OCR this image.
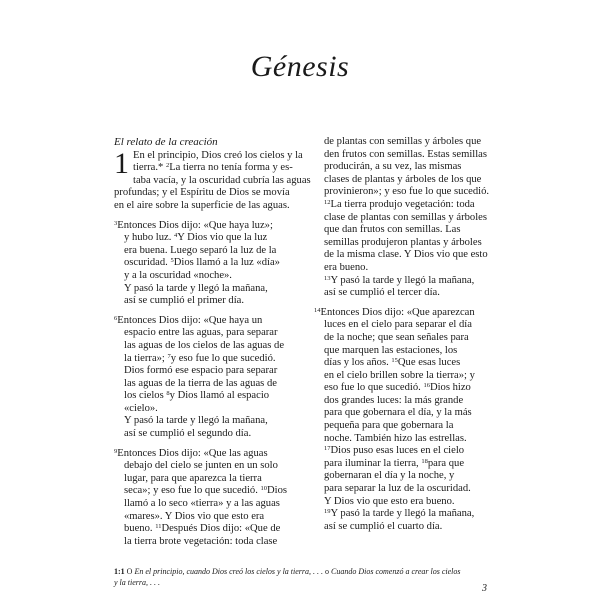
Génesis
El relato de la creación
1 En el principio, Dios creó los cielos y la
tierra.* $^2$La tierra no tenía forma y es-
taba vacía, y la oscuridad cubría las aguas
profundas; y el Espíritu de Dios se movía
en el aire sobre la superficie de las aguas.
$^3$Entonces Dios dijo: «Que haya luz»;
y hubo luz. $^4$Y Dios vio que la luz
era buena. Luego separó la luz de la
oscuridad. $^5$Dios llamó a la luz «día»
y a la oscuridad «noche».
Y pasó la tarde y llegó la mañana,
así se cumplió el primer día.
$^6$Entonces Dios dijo: «Que haya un
espacio entre las aguas, para separar
las aguas de los cielos de las aguas de
la tierra»; $^7$y eso fue lo que sucedió.
Dios formó ese espacio para separar
las aguas de la tierra de las aguas de
los cielos $^8$y Dios llamó al espacio
«cielo».
Y pasó la tarde y llegó la mañana,
así se cumplió el segundo día.
$^9$Entonces Dios dijo: «Que las aguas
debajo del cielo se junten en un solo
lugar, para que aparezca la tierra
seca»; y eso fue lo que sucedió. $^{10}$Dios
llamó a lo seco «tierra» y a las aguas
«mares». Y Dios vio que esto era
bueno. $^{11}$Después Dios dijo: «Que de
la tierra brote vegetación: toda clase
de plantas con semillas y árboles que
den frutos con semillas. Estas semillas
producirán, a su vez, las mismas
clases de plantas y árboles de los que
provinieron»; y eso fue lo que sucedió.
$^{12}$La tierra produjo vegetación: toda
clase de plantas con semillas y árboles
que dan frutos con semillas. Las
semillas produjeron plantas y árboles
de la misma clase. Y Dios vio que esto
era bueno.
$^{13}$Y pasó la tarde y llegó la mañana,
así se cumplió el tercer día.
$^{14}$Entonces Dios dijo: «Que aparezcan
luces en el cielo para separar el día
de la noche; que sean señales para
que marquen las estaciones, los
días y los años. $^{15}$Que esas luces
en el cielo brillen sobre la tierra»; y
eso fue lo que sucedió. $^{16}$Dios hizo
dos grandes luces: la más grande
para que gobernara el día, y la más
pequeña para que gobernara la
noche. También hizo las estrellas.
$^{17}$Dios puso esas luces en el cielo
para iluminar la tierra, $^{18}$para que
gobernaran el día y la noche, y
para separar la luz de la oscuridad.
Y Dios vio que esto era bueno.
$^{19}$Y pasó la tarde y llegó la mañana,
así se cumplió el cuarto día.
1:1 O En el principio, cuando Dios creó los cielos y la tierra, . . . o Cuando Dios comenzó a crear los cielos
y la tierra, . . .
3
